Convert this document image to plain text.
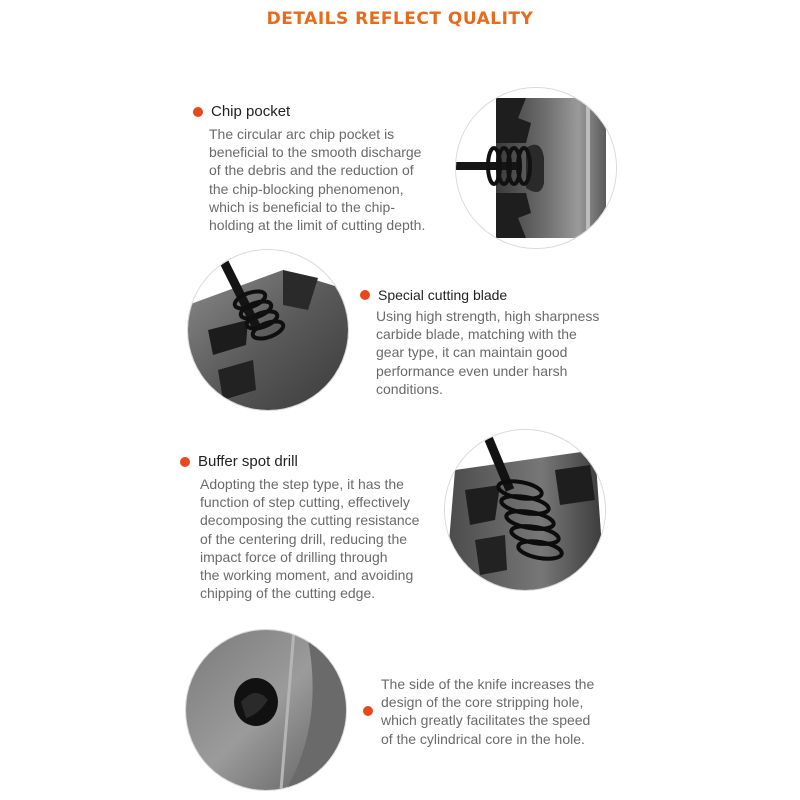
DETAILS REFLECT QUALITY
Chip pocket
The circular arc chip pocket is
beneficial to the smooth discharge
of the debris and the reduction of
the chip-blocking phenomenon,
which is beneficial to the chip-
holding at the limit of cutting depth.
Special cutting blade
Using high strength, high sharpness
carbide blade, matching with the
gear type, it can maintain good
performance even under harsh
conditions.
Buffer spot drill
Adopting the step type, it has the
function of step cutting, effectively
decomposing the cutting resistance
of the centering drill, reducing the
impact force of drilling through
the working moment, and avoiding
chipping of the cutting edge.
The side of the knife increases the
design of the core stripping hole,
which greatly facilitates the speed
of the cylindrical core in the hole.
